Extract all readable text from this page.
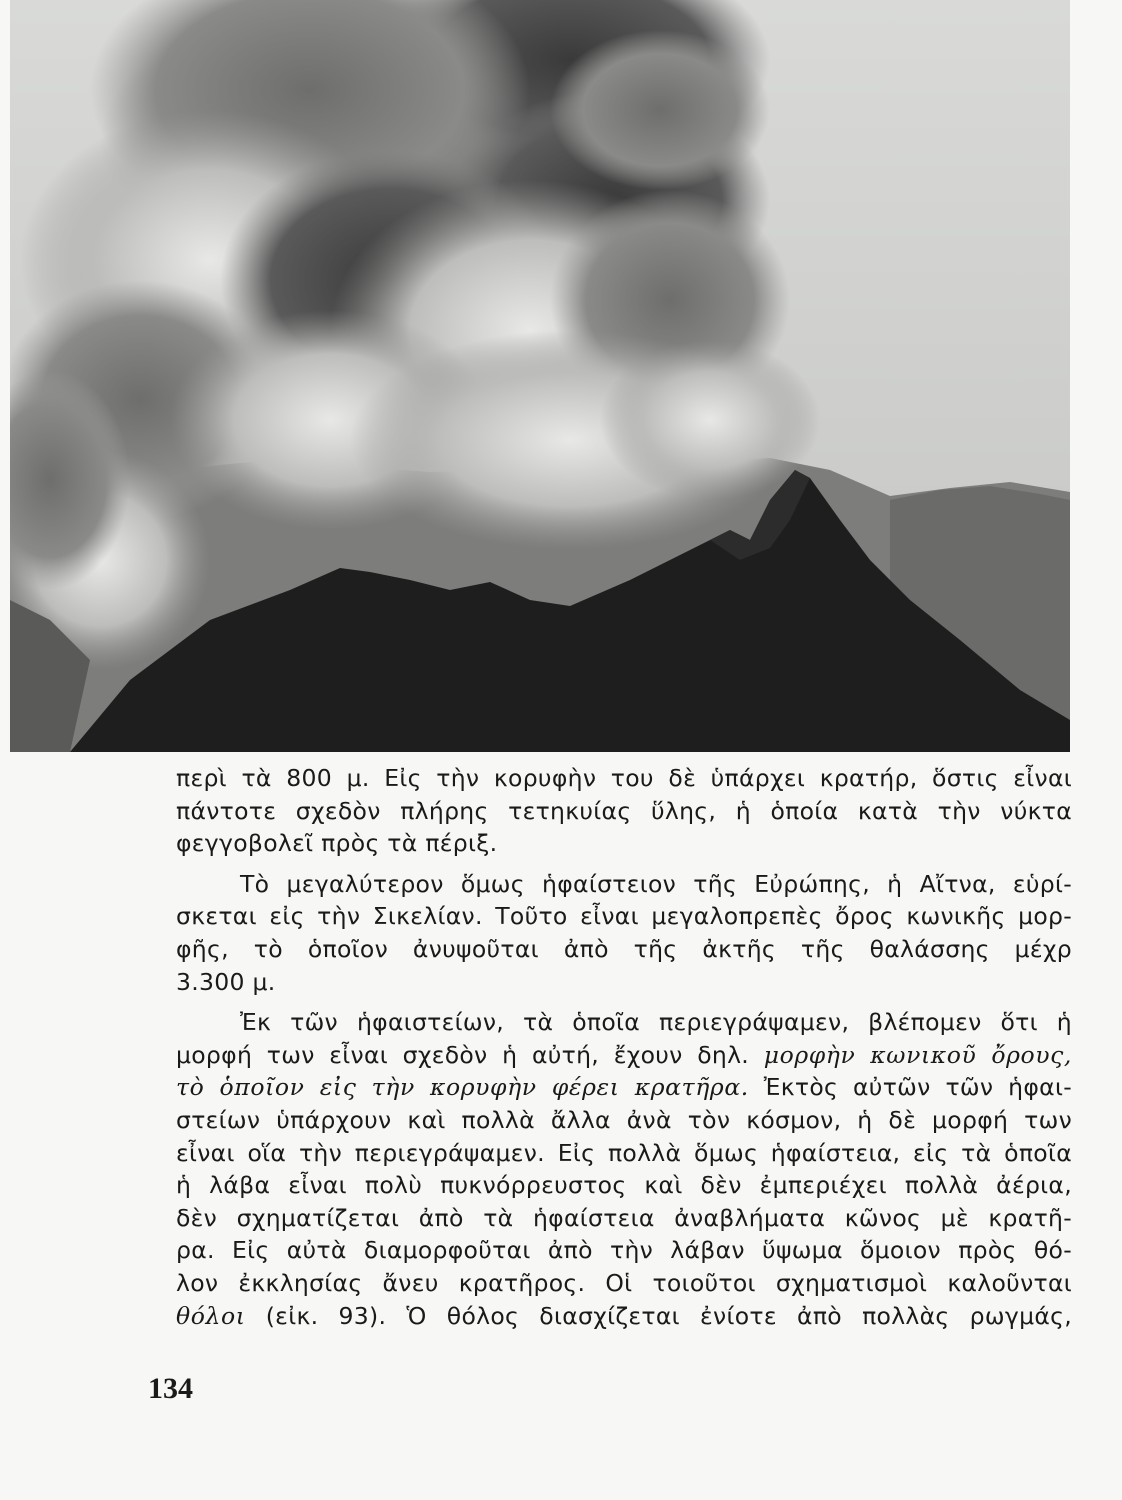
περὶ τὰ 800 μ. Εἰς τὴν κορυφὴν του δὲ ὑπάρχει κρατήρ, ὅστις εἶναι

πάντοτε σχεδὸν πλήρης τετηκυίας ὕλης, ἡ ὁποία κατὰ τὴν νύκτα

φεγγοβολεῖ πρὸς τὰ πέριξ.

Τὸ μεγαλύτερον ὅμως ἡφαίστειον τῆς Εὐρώπης, ἡ Αἴτνα, εὑρί-

σκεται εἰς τὴν Σικελίαν. Τοῦτο εἶναι μεγαλοπρεπὲς ὄρος κωνικῆς μορ-

φῆς, τὸ ὁποῖον ἀνυψοῦται ἀπὸ τῆς ἀκτῆς τῆς θαλάσσης μέχρ

3.300 μ.

Ἐκ τῶν ἡφαιστείων, τὰ ὁποῖα περιεγράψαμεν, βλέπομεν ὅτι ἡ

μορφή των εἶναι σχεδὸν ἡ αὐτή, ἔχουν δηλ. μορφὴν κωνικοῦ ὄρους,

τὸ ὁποῖον εἰς τὴν κορυφὴν φέρει κρατῆρα. Ἐκτὸς αὐτῶν τῶν ἡφαι-

στείων ὑπάρχουν καὶ πολλὰ ἄλλα ἀνὰ τὸν κόσμον, ἡ δὲ μορφή των

εἶναι οἵα τὴν περιεγράψαμεν. Εἰς πολλὰ ὅμως ἡφαίστεια, εἰς τὰ ὁποῖα

ἡ λάβα εἶναι πολὺ πυκνόρρευστος καὶ δὲν ἐμπεριέχει πολλὰ ἀέρια,

δὲν σχηματίζεται ἀπὸ τὰ ἡφαίστεια ἀναβλήματα κῶνος μὲ κρατῆ-

ρα. Εἰς αὐτὰ διαμορφοῦται ἀπὸ τὴν λάβαν ὕψωμα ὅμοιον πρὸς θό-

λον ἐκκλησίας ἄνευ κρατῆρος. Οἱ τοιοῦτοι σχηματισμοὶ καλοῦνται

θόλοι (εἰκ. 93). Ὁ θόλος διασχίζεται ἐνίοτε ἀπὸ πολλὰς ρωγμάς,

134
